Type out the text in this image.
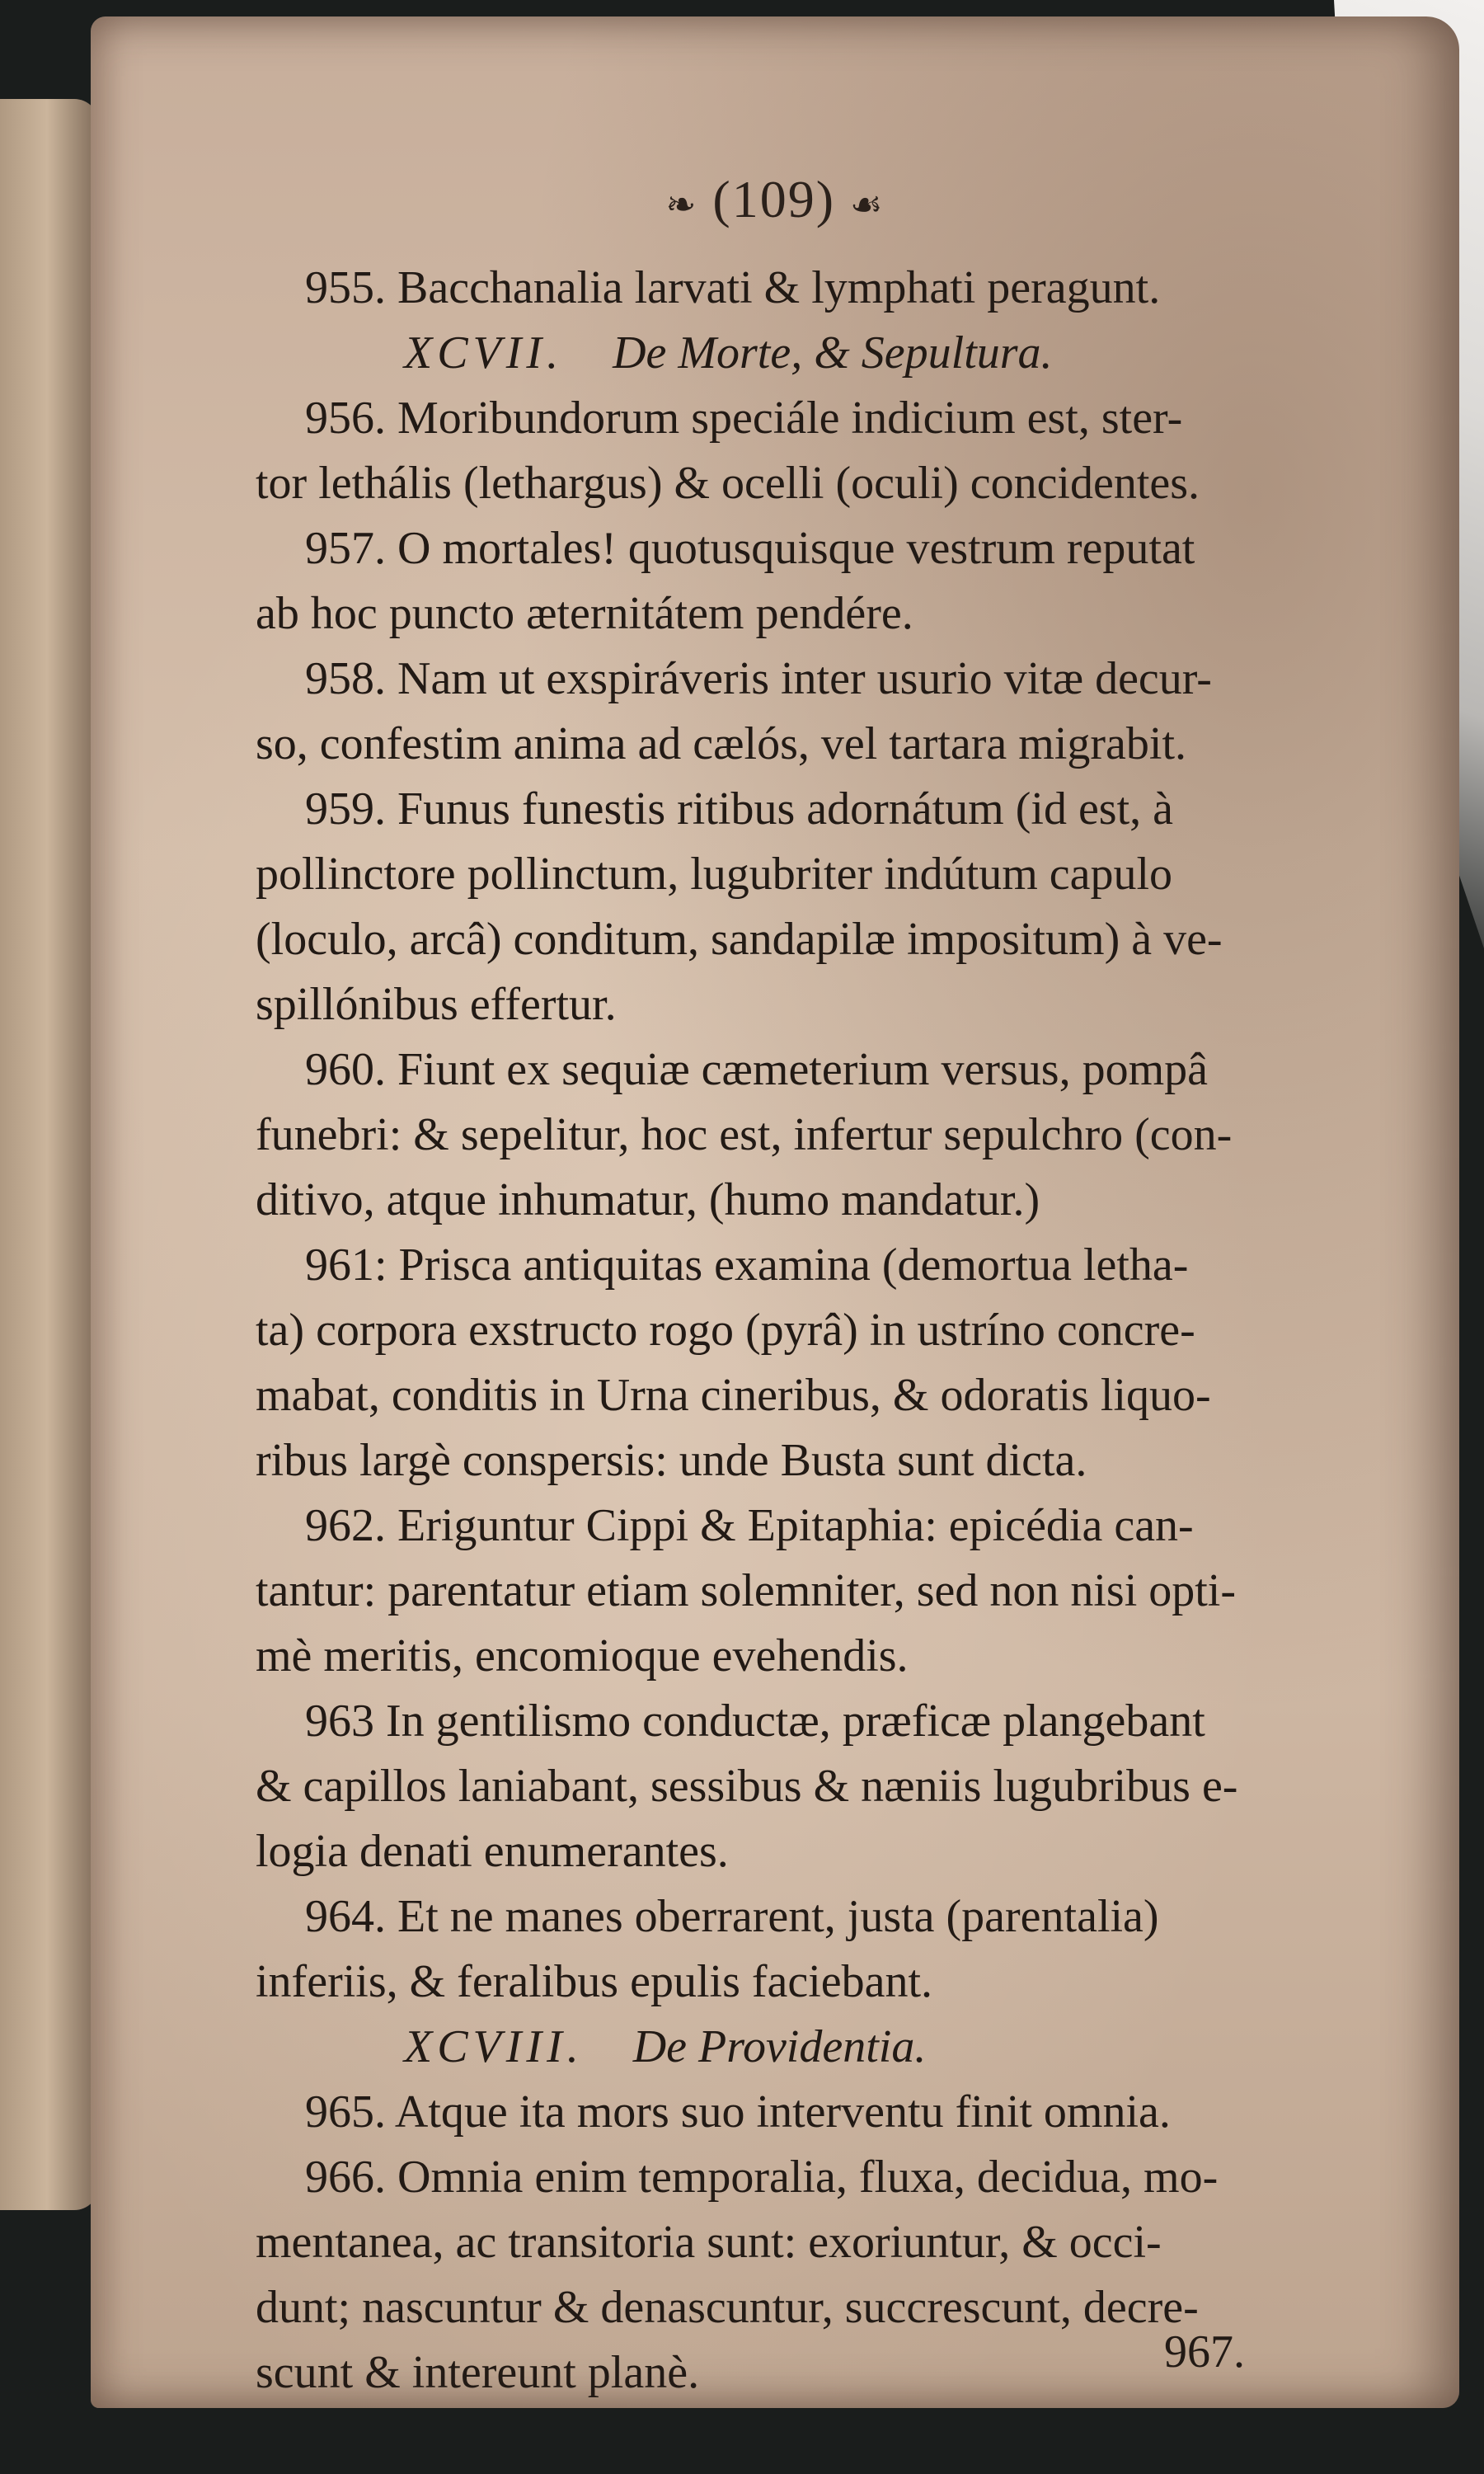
❧ (109) ☙
955. Bacchanalia larvati & lymphati peragunt.
XCVII. De Morte, & Sepultura.
956. Moribundorum speciále indicium est, ster-
tor lethális (lethargus) & ocelli (oculi) concidentes.
957. O mortales! quotusquisque vestrum reputat
ab hoc puncto æternitátem pendére.
958. Nam ut exspiráveris inter usurio vitæ decur-
so, confestim anima ad cælós, vel tartara migrabit.
959. Funus funestis ritibus adornátum (id est, à
pollinctore pollinctum, lugubriter indútum capulo
(loculo, arcâ) conditum, sandapilæ impositum) à ve-
spillónibus effertur.
960. Fiunt ex sequiæ cæmeterium versus, pompâ
funebri: & sepelitur, hoc est, infertur sepulchro (con-
ditivo, atque inhumatur, (humo mandatur.)
961: Prisca antiquitas examina (demortua letha-
ta) corpora exstructo rogo (pyrâ) in ustríno concre-
mabat, conditis in Urna cineribus, & odoratis liquo-
ribus largè conspersis: unde Busta sunt dicta.
962. Eriguntur Cippi & Epitaphia: epicédia can-
tantur: parentatur etiam solemniter, sed non nisi opti-
mè meritis, encomioque evehendis.
963 In gentilismo conductæ, præficæ plangebant
& capillos laniabant, sessibus & næniis lugubribus e-
logia denati enumerantes.
964. Et ne manes oberrarent, justa (parentalia)
inferiis, & feralibus epulis faciebant.
XCVIII. De Providentia.
965. Atque ita mors suo interventu finit omnia.
966. Omnia enim temporalia, fluxa, decidua, mo-
mentanea, ac transitoria sunt: exoriuntur, & occi-
dunt; nascuntur & denascuntur, succrescunt, decre-
scunt & intereunt planè.	967.
